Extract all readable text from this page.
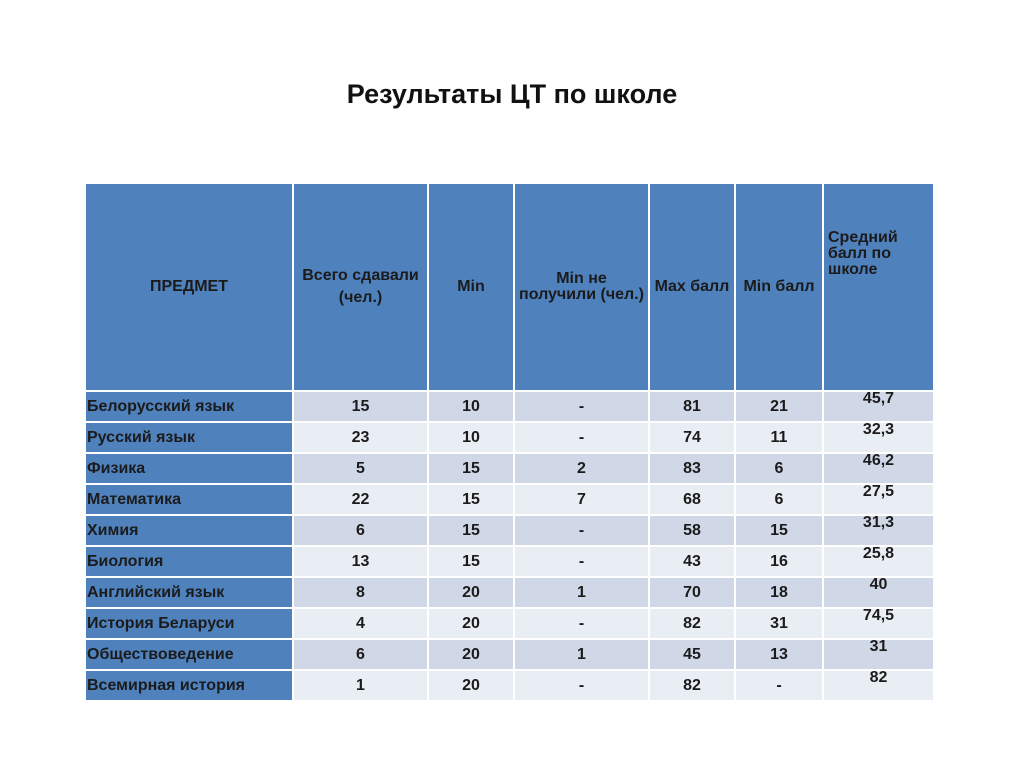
Результаты ЦТ по школе
ПРЕДМЕТ	Всего сдавали (чел.)	Min	Min не получили (чел.)	Max балл	Min балл	Средний балл по школе
Белорусский язык	15	10	-	81	21	45,7
Русский язык	23	10	-	74	11	32,3
Физика	5	15	2	83	6	46,2
Математика	22	15	7	68	6	27,5
Химия	6	15	-	58	15	31,3
Биология	13	15	-	43	16	25,8
Английский язык	8	20	1	70	18	40
История Беларуси	4	20	-	82	31	74,5
Обществоведение	6	20	1	45	13	31
Всемирная история	1	20	-	82	-	82
